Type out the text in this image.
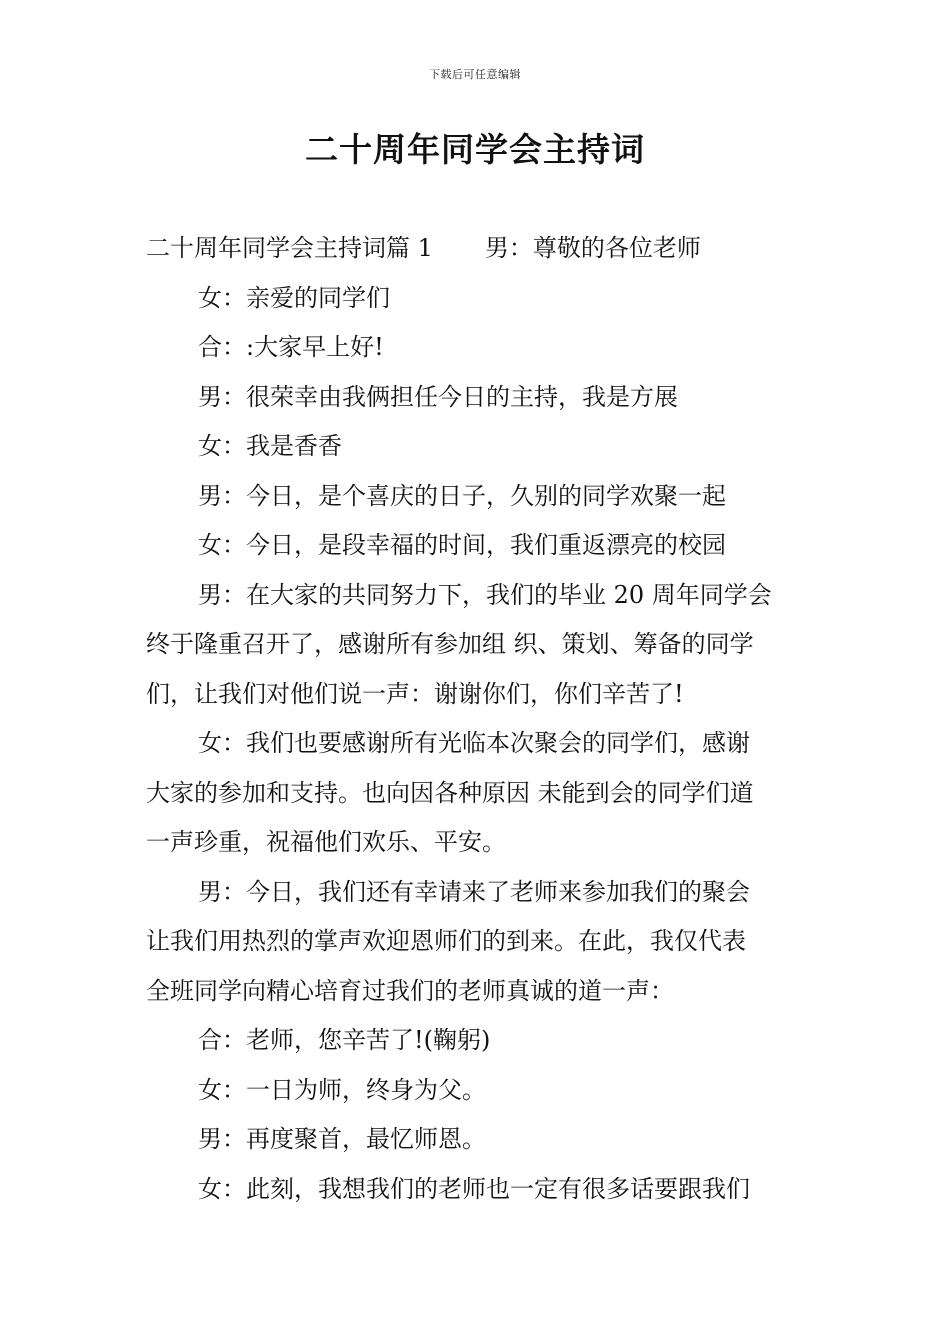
下载后可任意编辑
二十周年同学会主持词
二十周年同学会主持词篇 1 男：尊敬的各位老师
女：亲爱的同学们
合：:大家早上好!
男：很荣幸由我俩担任今日的主持，我是方展
女：我是香香
男：今日，是个喜庆的日子，久别的同学欢聚一起
女：今日，是段幸福的时间，我们重返漂亮的校园
男：在大家的共同努力下，我们的毕业 20 周年同学会
终于隆重召开了，感谢所有参加组 织、策划、筹备的同学
们，让我们对他们说一声：谢谢你们，你们辛苦了!
女：我们也要感谢所有光临本次聚会的同学们，感谢
大家的参加和支持。也向因各种原因 未能到会的同学们道
一声珍重，祝福他们欢乐、平安。
男：今日，我们还有幸请来了老师来参加我们的聚会
让我们用热烈的掌声欢迎恩师们的到来。在此，我仅代表
全班同学向精心培育过我们的老师真诚的道一声：
合：老师，您辛苦了!(鞠躬)
女：一日为师，终身为父。
男：再度聚首，最忆师恩。
女：此刻，我想我们的老师也一定有很多话要跟我们
